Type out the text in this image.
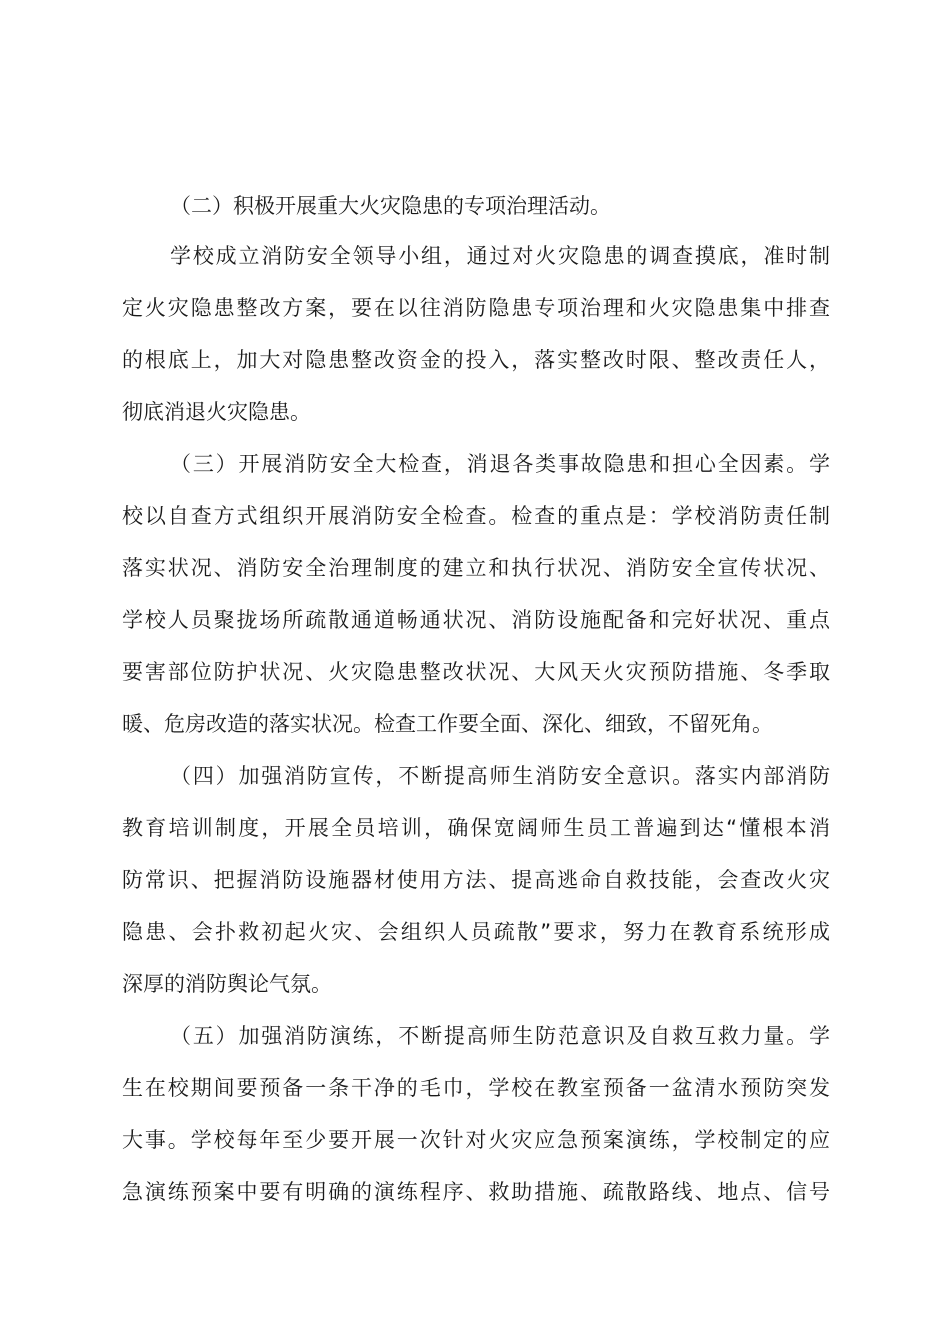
（二）积极开展重大火灾隐患的专项治理活动。
学校成立消防安全领导小组，通过对火灾隐患的调查摸底，准时制
定火灾隐患整改方案，要在以往消防隐患专项治理和火灾隐患集中排查
的根底上，加大对隐患整改资金的投入，落实整改时限、整改责任人，
彻底消退火灾隐患。
（三）开展消防安全大检查，消退各类事故隐患和担心全因素。学
校以自查方式组织开展消防安全检查。检查的重点是：学校消防责任制
落实状况、消防安全治理制度的建立和执行状况、消防安全宣传状况、
学校人员聚拢场所疏散通道畅通状况、消防设施配备和完好状况、重点
要害部位防护状况、火灾隐患整改状况、大风天火灾预防措施、冬季取
暖、危房改造的落实状况。检查工作要全面、深化、细致，不留死角。
（四）加强消防宣传，不断提高师生消防安全意识。落实内部消防
教育培训制度，开展全员培训，确保宽阔师生员工普遍到达“懂根本消
防常识、把握消防设施器材使用方法、提高逃命自救技能，会查改火灾
隐患、会扑救初起火灾、会组织人员疏散”要求，努力在教育系统形成
深厚的消防舆论气氛。
（五）加强消防演练，不断提高师生防范意识及自救互救力量。学
生在校期间要预备一条干净的毛巾，学校在教室预备一盆清水预防突发
大事。学校每年至少要开展一次针对火灾应急预案演练，学校制定的应
急演练预案中要有明确的演练程序、救助措施、疏散路线、地点、信号
